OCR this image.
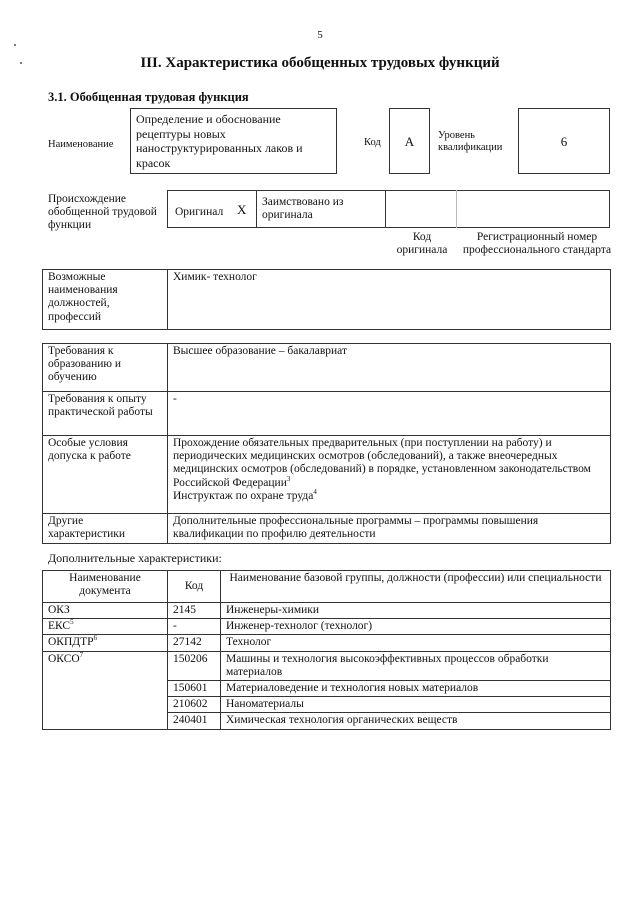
5
III. Характеристика обобщенных трудовых функций
3.1. Обобщенная трудовая функция
Наименование
Определение и обоснование рецептуры новых наноструктурированных лаков и красок
Код	А	Уровень квалификации	6
Происхождение обобщенной трудовой функции
Оригинал X Заимствовано из оригинала
Код оригинала
Регистрационный номер профессионального стандарта
Возможные наименования должностей, профессий	Химик- технолог
Требования к образованию и обучению	Высшее образование – бакалавриат
Требования к опыту практической работы	-
Особые условия допуска к работе	Прохождение обязательных предварительных (при поступлении на работу) и периодических медицинских осмотров (обследований), а также внеочередных медицинских осмотров (обследований) в порядке, установленном законодательством Российской Федерации$^3$
Инструктаж по охране труда$^4$
Другие характеристики	Дополнительные профессиональные программы – программы повышения квалификации по профилю деятельности
Дополнительные характеристики:
Наименование документа	Код	Наименование базовой группы, должности (профессии) или специальности
ОКЗ	2145	Инженеры-химики
ЕКС$^5$	-	Инженер-технолог (технолог)
ОКПДТР$^6$	27142	Технолог
ОКСО$^7$	150206	Машины и технология высокоэффективных процессов обработки материалов
	150601	Материаловедение и технология новых материалов
	210602	Наноматериалы
	240401	Химическая технология органических веществ
